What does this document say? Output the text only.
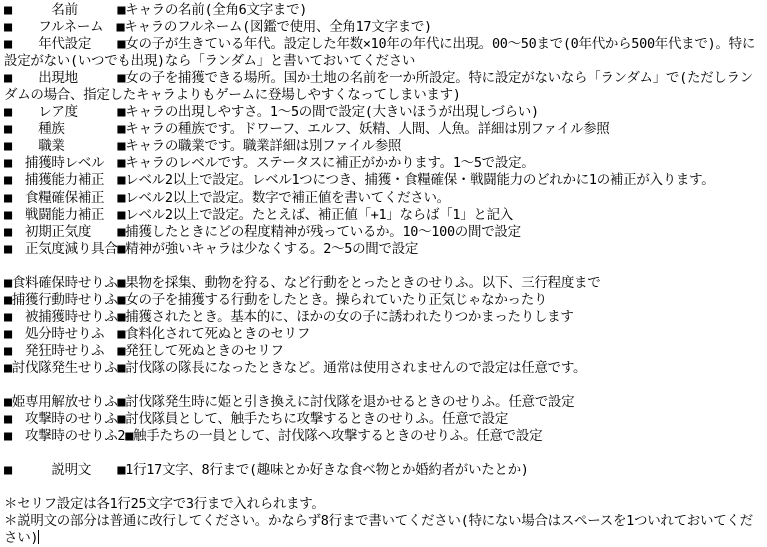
■　　　名前　　　■キャラの名前(全角6文字まで)
■　　フルネーム　■キャラのフルネーム(図鑑で使用、全角17文字まで)
■　　年代設定　　■女の子が生きている年代。設定した年数×10年の年代に出現。00～50まで(0年代から500年代まで)。特に設定がない(いつでも出現)なら「ランダム」と書いておいてください
■　　出現地　　　■女の子を捕獲できる場所。国か土地の名前を一か所設定。特に設定がないなら「ランダム」で(ただしランダムの場合、指定したキャラよりもゲームに登場しやすくなってしまいます)
■　　レア度　　　■キャラの出現しやすさ。1～5の間で設定(大きいほうが出現しづらい)
■　　種族　　　　■キャラの種族です。ドワーフ、エルフ、妖精、人間、人魚。詳細は別ファイル参照
■　　職業　　　　■キャラの職業です。職業詳細は別ファイル参照
■　捕獲時レベル　■キャラのレベルです。ステータスに補正がかかります。1～5で設定。
■　捕獲能力補正　■レベル2以上で設定。レベル1つにつき、捕獲・食糧確保・戦闘能力のどれかに1の補正が入ります。
■　食糧確保補正　■レベル2以上で設定。数字で補正値を書いてください。
■　戦闘能力補正　■レベル2以上で設定。たとえば、補正値「+1」ならば「1」と記入
■　初期正気度　　■捕獲したときにどの程度精神が残っているか。10～100の間で設定
■　正気度減り具合■精神が強いキャラは少なくする。2～5の間で設定
■食料確保時せりふ■果物を採集、動物を狩る、など行動をとったときのせりふ。以下、三行程度まで
■捕獲行動時せりふ■女の子を捕獲する行動をしたとき。操られていたり正気じゃなかったり
■　被捕獲時せりふ■捕獲されたとき。基本的に、ほかの女の子に誘われたりつかまったりします
■　処分時せりふ　■食料化されて死ぬときのセリフ
■　発狂時せりふ　■発狂して死ぬときのセリフ
■討伐隊発生せりふ■討伐隊の隊長になったときなど。通常は使用されませんので設定は任意です。
■姫専用解放せりふ■討伐隊発生時に姫と引き換えに討伐隊を退かせるときのせりふ。任意で設定
■　攻撃時のせりふ■討伐隊員として、触手たちに攻撃するときのせりふ。任意で設定
■　攻撃時のせりふ2■触手たちの一員として、討伐隊へ攻撃するときのせりふ。任意で設定
■　　　説明文　　■1行17文字、8行まで(趣味とか好きな食べ物とか婚約者がいたとか)
＊セリフ設定は各1行25文字で3行まで入れられます。
＊説明文の部分は普通に改行してください。かならず8行まで書いてください(特にない場合はスペースを1ついれておいてください)
